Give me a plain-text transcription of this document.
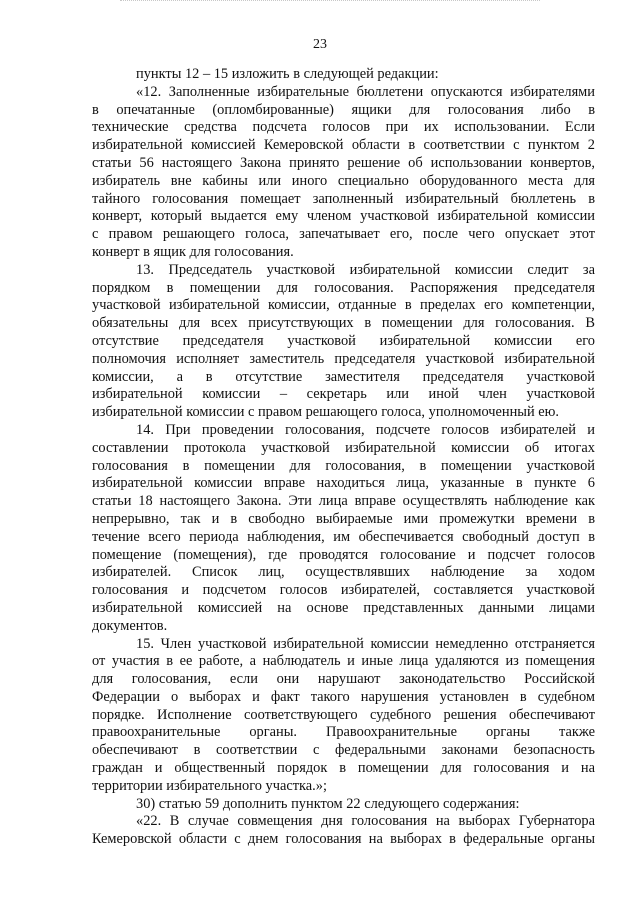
23
пункты 12 – 15 изложить в следующей редакции:
«12. Заполненные избирательные бюллетени опускаются избирателями
в опечатанные (опломбированные) ящики для голосования либо в
технические средства подсчета голосов при их использовании. Если
избирательной комиссией Кемеровской области в соответствии с пунктом 2
статьи 56 настоящего Закона принято решение об использовании конвертов,
избиратель вне кабины или иного специально оборудованного места для
тайного голосования помещает заполненный избирательный бюллетень в
конверт, который выдается ему членом участковой избирательной комиссии
с правом решающего голоса, запечатывает его, после чего опускает этот
конверт в ящик для голосования.
13. Председатель участковой избирательной комиссии следит за
порядком в помещении для голосования. Распоряжения председателя
участковой избирательной комиссии, отданные в пределах его компетенции,
обязательны для всех присутствующих в помещении для голосования. В
отсутствие председателя участковой избирательной комиссии его
полномочия исполняет заместитель председателя участковой избирательной
комиссии, а в отсутствие заместителя председателя участковой
избирательной комиссии – секретарь или иной член участковой
избирательной комиссии с правом решающего голоса, уполномоченный ею.
14. При проведении голосования, подсчете голосов избирателей и
составлении протокола участковой избирательной комиссии об итогах
голосования в помещении для голосования, в помещении участковой
избирательной комиссии вправе находиться лица, указанные в пункте 6
статьи 18 настоящего Закона. Эти лица вправе осуществлять наблюдение как
непрерывно, так и в свободно выбираемые ими промежутки времени в
течение всего периода наблюдения, им обеспечивается свободный доступ в
помещение (помещения), где проводятся голосование и подсчет голосов
избирателей. Список лиц, осуществлявших наблюдение за ходом
голосования и подсчетом голосов избирателей, составляется участковой
избирательной комиссией на основе представленных данными лицами
документов.
15. Член участковой избирательной комиссии немедленно отстраняется
от участия в ее работе, а наблюдатель и иные лица удаляются из помещения
для голосования, если они нарушают законодательство Российской
Федерации о выборах и факт такого нарушения установлен в судебном
порядке. Исполнение соответствующего судебного решения обеспечивают
правоохранительные органы. Правоохранительные органы также
обеспечивают в соответствии с федеральными законами безопасность
граждан и общественный порядок в помещении для голосования и на
территории избирательного участка.»;
30) статью 59 дополнить пунктом 22 следующего содержания:
«22. В случае совмещения дня голосования на выборах Губернатора
Кемеровской области с днем голосования на выборах в федеральные органы
